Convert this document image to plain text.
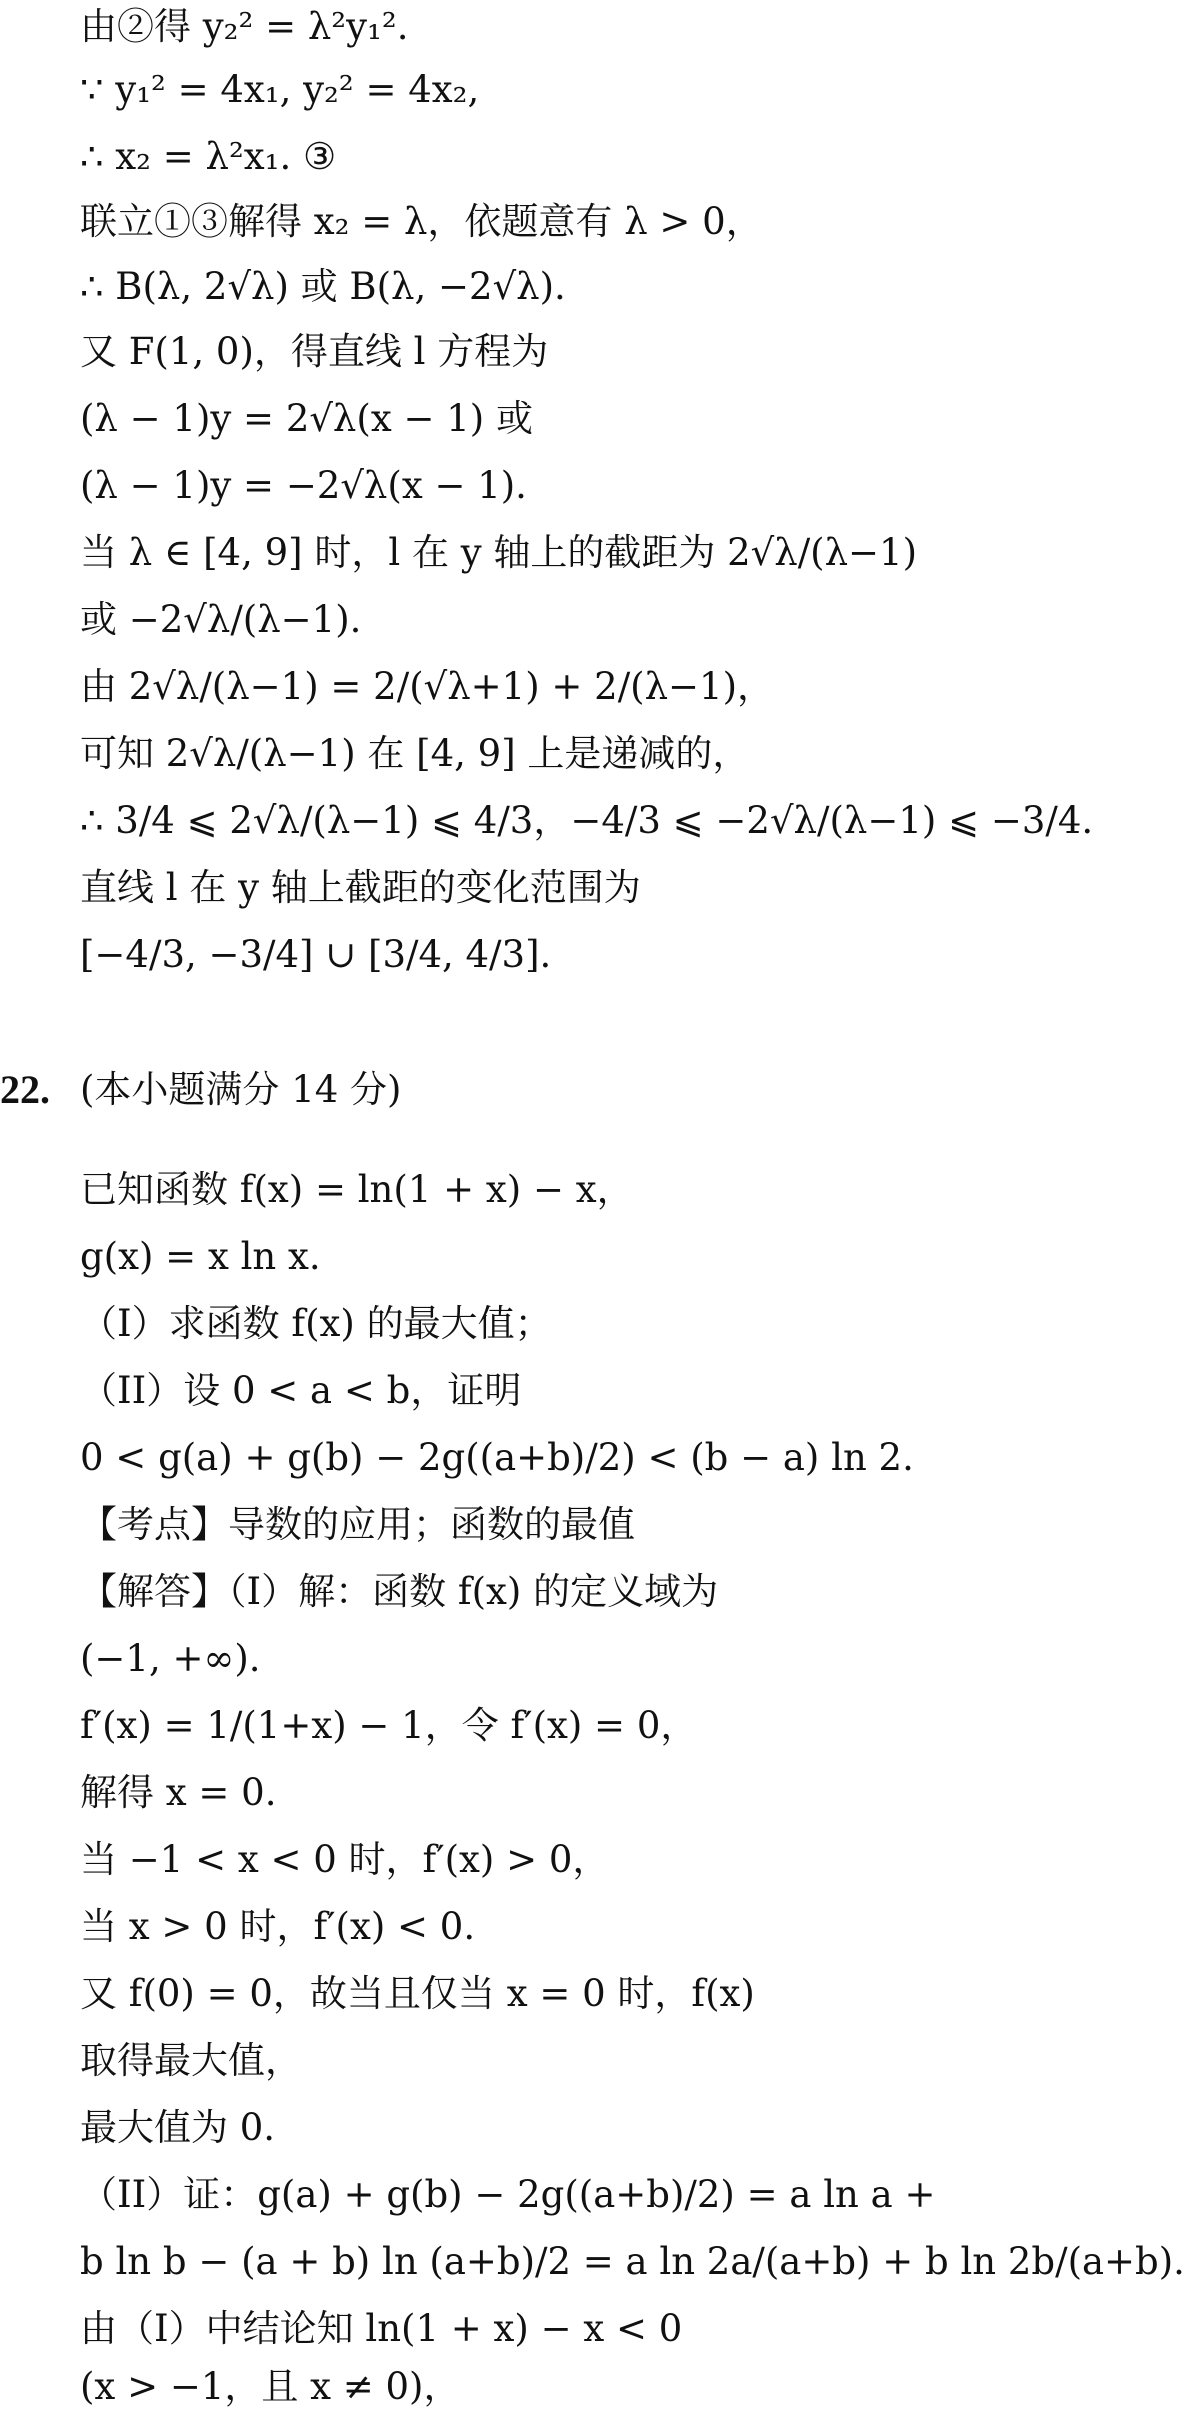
由②得 y₂² = λ²y₁².
∵ y₁² = 4x₁, y₂² = 4x₂,
∴ x₂ = λ²x₁. ③
联立①③解得 x₂ = λ，依题意有 λ > 0，
∴ B(λ, 2√λ) 或 B(λ, −2√λ).
又 F(1, 0)，得直线 l 方程为
(λ − 1)y = 2√λ(x − 1) 或
(λ − 1)y = −2√λ(x − 1).
当 λ ∈ [4, 9] 时，l 在 y 轴上的截距为 2√λ/(λ−1)
或 −2√λ/(λ−1).
由 2√λ/(λ−1) = 2/(√λ+1) + 2/(λ−1)，
可知 2√λ/(λ−1) 在 [4, 9] 上是递减的，
∴ 3/4 ⩽ 2√λ/(λ−1) ⩽ 4/3，−4/3 ⩽ −2√λ/(λ−1) ⩽ −3/4.
直线 l 在 y 轴上截距的变化范围为
[−4/3, −3/4] ∪ [3/4, 4/3].
22. (本小题满分 14 分)
已知函数 f(x) = ln(1 + x) − x，
g(x) = x ln x.
（I）求函数 f(x) 的最大值；
（II）设 0 < a < b，证明
0 < g(a) + g(b) − 2g((a+b)/2) < (b − a) ln 2.
【考点】导数的应用；函数的最值
【解答】（I）解：函数 f(x) 的定义域为
(−1, +∞).
f′(x) = 1/(1+x) − 1，令 f′(x) = 0，
解得 x = 0.
当 −1 < x < 0 时，f′(x) > 0，
当 x > 0 时，f′(x) < 0.
又 f(0) = 0，故当且仅当 x = 0 时，f(x)
取得最大值，
最大值为 0.
（II）证：g(a) + g(b) − 2g((a+b)/2) = a ln a +
b ln b − (a + b) ln (a+b)/2 = a ln 2a/(a+b) + b ln 2b/(a+b).
由（I）中结论知 ln(1 + x) − x < 0
(x > −1，且 x ≠ 0)，
